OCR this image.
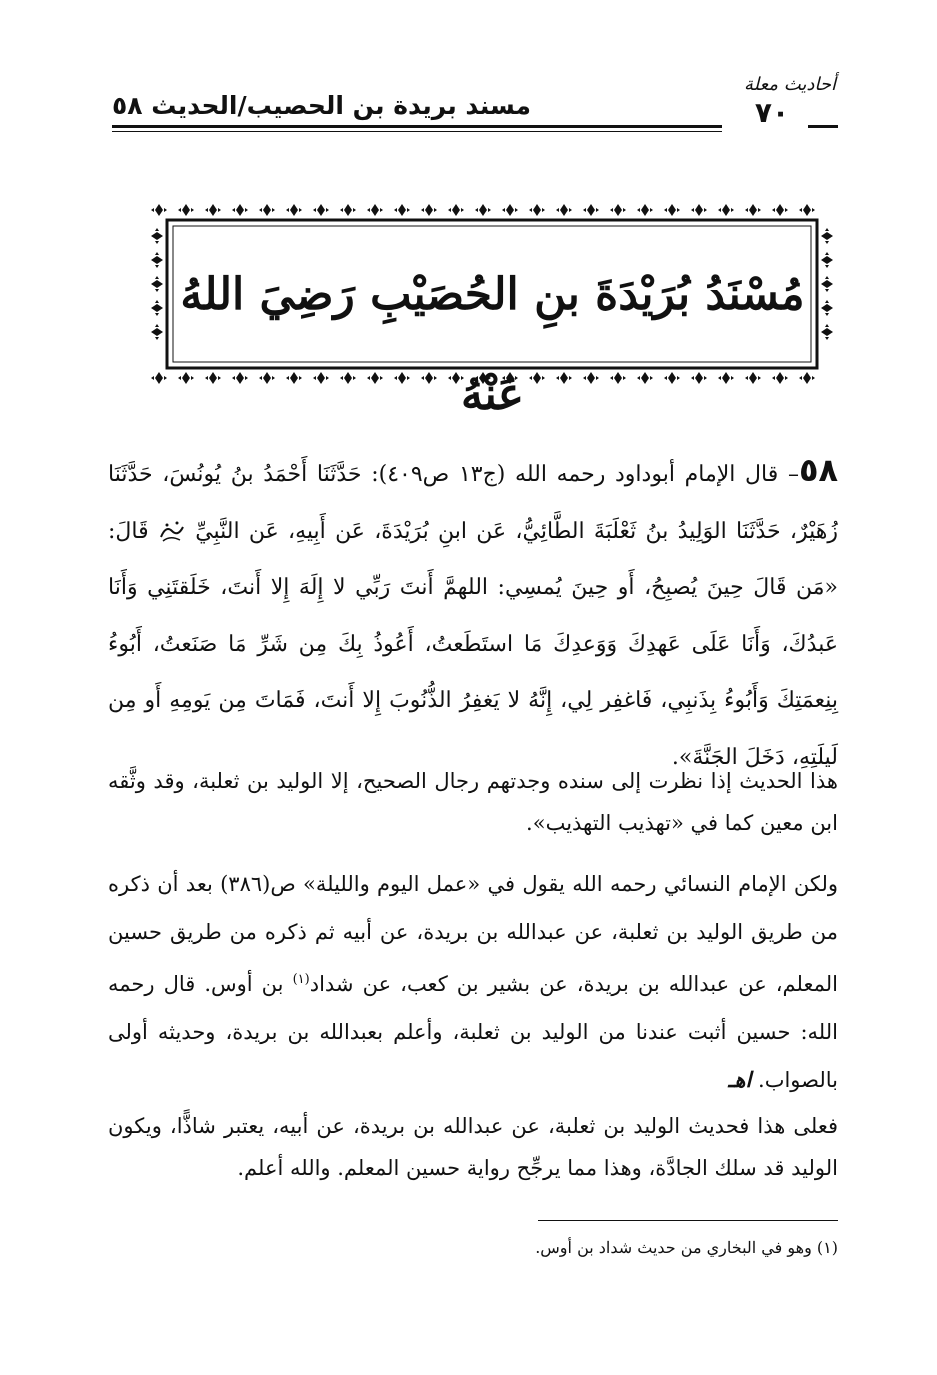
مسند بريدة بن الحصيب/الحديث ٥٨
أحاديث معلة
٧٠
مُسْنَدُ بُرَيْدَةَ بنِ الحُصَيْبِ رَضِيَ اللهُ عَنْهُ
٥٨– قال الإمام أبوداود رحمه الله (ج١٣ ص٤٠٩): حَدَّثَنَا أَحْمَدُ بنُ يُونُسَ، حَدَّثَنَا زُهَيْرٌ، حَدَّثَنَا الوَلِيدُ بنُ ثَعْلَبَةَ الطَّائِيُّ، عَن ابنِ بُرَيْدَةَ، عَن أَبِيهِ، عَن النَّبِيِّ  قَالَ: «مَن قَالَ حِينَ يُصبِحُ، أَو حِينَ يُمسِي: اللهمَّ أَنتَ رَبِّي لا إِلَهَ إِلا أَنتَ، خَلَقتَنِي وَأَنَا عَبدُكَ، وَأَنَا عَلَى عَهدِكَ وَوَعدِكَ مَا استَطَعتُ، أَعُوذُ بِكَ مِن شَرِّ مَا صَنَعتُ، أَبُوءُ بِنِعمَتِكَ وَأَبُوءُ بِذَنبِي، فَاغفِر لِي، إِنَّهُ لا يَغفِرُ الذُّنُوبَ إِلا أَنتَ، فَمَاتَ مِن يَومِهِ أَو مِن لَيلَتِهِ، دَخَلَ الجَنَّةَ».
هذا الحديث إذا نظرت إلى سنده وجدتهم رجال الصحيح، إلا الوليد بن ثعلبة، وقد وثَّقه ابن معين كما في «تهذيب التهذيب».
ولكن الإمام النسائي رحمه الله يقول في «عمل اليوم والليلة» ص(٣٨٦) بعد أن ذكره من طريق الوليد بن ثعلبة، عن عبدالله بن بريدة، عن أبيه ثم ذكره من طريق حسين المعلم، عن عبدالله بن بريدة، عن بشير بن كعب، عن شداد$^{(١)}$ بن أوس. قال رحمه الله: حسين أثبت عندنا من الوليد بن ثعلبة، وأعلم بعبدالله بن بريدة، وحديثه أولى بالصواب. اهـ
فعلى هذا فحديث الوليد بن ثعلبة، عن عبدالله بن بريدة، عن أبيه، يعتبر شاذًّا، ويكون الوليد قد سلك الجادَّة، وهذا مما يرجِّح رواية حسين المعلم. والله أعلم.
(١) وهو في البخاري من حديث شداد بن أوس.
